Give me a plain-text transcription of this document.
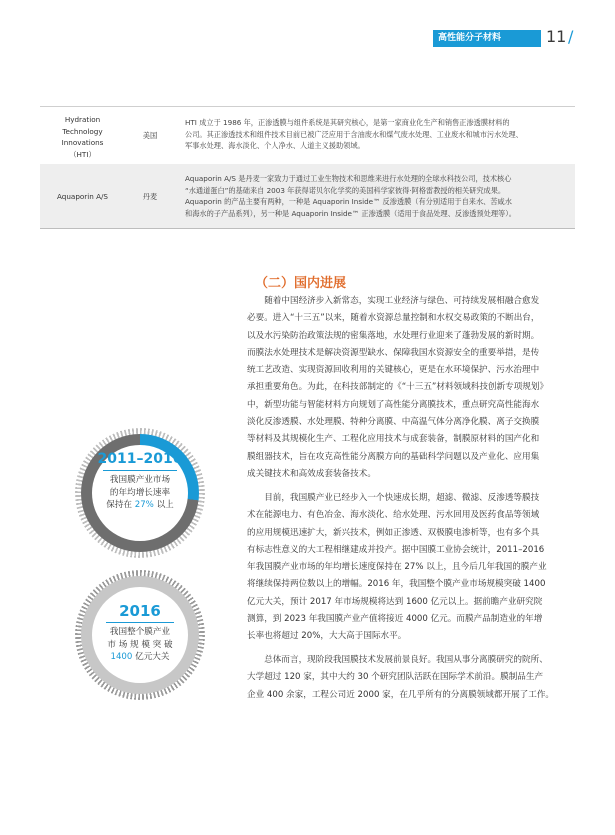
高性能分子材料	11 /
Hydration
Technology
Innovations
（HTI）
美国
HTI 成立于 1986 年，正渗透膜与组件系统是其研究核心，是第一家商业化生产和销售正渗透膜材料的
公司。其正渗透技术和组件技术目前已被广泛应用于含油废水和煤气废水处理、工业废水和城市污水处理、
军事水处理、海水淡化、个人净水、人道主义援助领域。
Aquaporin A/S	丹麦
Aquaporin A/S 是丹麦一家致力于通过工业生物技术和思维来进行水处理的全球水科技公司，技术核心
“水通道蛋白”的基础来自 2003 年获得诺贝尔化学奖的美国科学家彼得·阿格雷教授的相关研究成果。
Aquaporin 的产品主要有两种，一种是 Aquaporin Inside™ 反渗透膜（有分别适用于自来水、苦咸水
和海水的子产品系列），另一种是 Aquaporin Inside™ 正渗透膜（适用于食品处理、反渗透预处理等）。
（二）国内进展
随着中国经济步入新常态，实现工业经济与绿色、可持续发展相融合愈发
必要。进入“十三五”以来，随着水资源总量控制和水权交易政策的不断出台，
以及水污染防治政策法规的密集落地，水处理行业迎来了蓬勃发展的新时期。
而膜法水处理技术是解决资源型缺水、保障我国水资源安全的重要举措，是传
统工艺改造、实现资源回收利用的关键核心，更是在水环境保护、污水治理中
承担重要角色。为此，在科技部制定的《“十三五”材料领域科技创新专项规划》
中，新型功能与智能材料方向规划了高性能分离膜技术，重点研究高性能海水
淡化反渗透膜、水处理膜、特种分离膜、中高温气体分离净化膜、离子交换膜
等材料及其规模化生产、工程化应用技术与成套装备，制膜原材料的国产化和
膜组器技术，旨在攻克高性能分离膜方向的基础科学问题以及产业化、应用集
成关键技术和高效成套装备技术。
目前，我国膜产业已经步入一个快速成长期，超滤、微滤、反渗透等膜技
术在能源电力、有色冶金、海水淡化、给水处理、污水回用及医药食品等领域
的应用规模迅速扩大，新兴技术，例如正渗透、双极膜电渗析等，也有多个具
有标志性意义的大工程相继建成并投产。据中国膜工业协会统计，2011–2016
年我国膜产业市场的年均增长速度保持在 27% 以上，且今后几年我国的膜产业
将继续保持两位数以上的增幅。2016 年，我国整个膜产业市场规模突破 1400
亿元大关，预计 2017 年市场规模将达到 1600 亿元以上。据前瞻产业研究院
测算，到 2023 年我国膜产业产值将接近 4000 亿元。而膜产品制造业的年增
长率也将超过 20%，大大高于国际水平。
总体而言，现阶段我国膜技术发展前景良好。我国从事分离膜研究的院所、
大学超过 120 家，其中大约 30 个研究团队活跃在国际学术前沿。膜制品生产
企业 400 余家，工程公司近 2000 家，在几乎所有的分离膜领域都开展了工作。
2011–2016
我国膜产业市场
的年均增长速率
保持在 27% 以上
2016
我国整个膜产业
市 场 规 模 突 破
1400 亿元大关
